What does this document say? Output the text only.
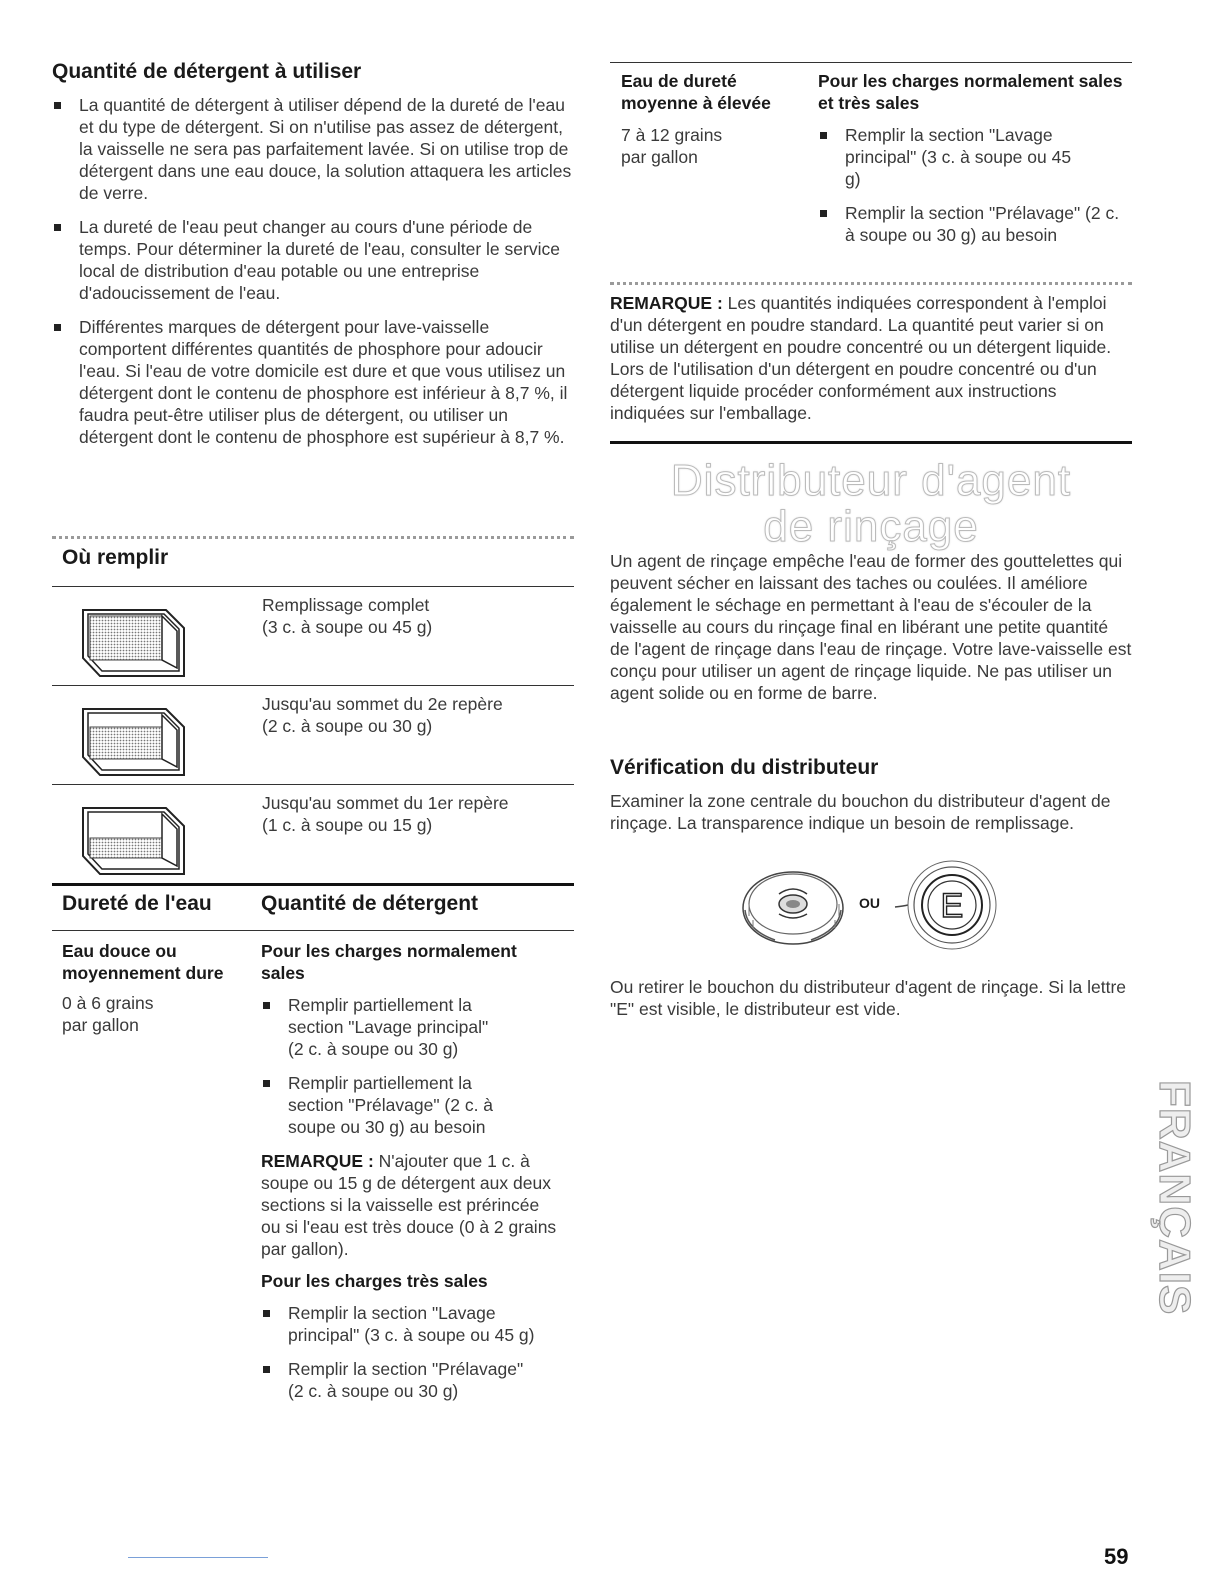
Quantité de détergent à utiliser
La quantité de détergent à utiliser dépend de la dureté de l'eau et du type de détergent. Si on n'utilise pas assez de détergent, la vaisselle ne sera pas parfaitement lavée. Si on utilise trop de détergent dans une eau douce, la solution attaquera les articles de verre.
La dureté de l'eau peut changer au cours d'une période de temps. Pour déterminer la dureté de l'eau, consulter le service local de distribution d'eau potable ou une entreprise d'adoucissement de l'eau.
Différentes marques de détergent pour lave-vaisselle comportent différentes quantités de phosphore pour adoucir l'eau. Si l'eau de votre domicile est dure et que vous utilisez un détergent dont le contenu de phosphore est inférieur à 8,7 %, il faudra peut-être utiliser plus de détergent, ou utiliser un détergent dont le contenu de phosphore est supérieur à 8,7 %.
Où remplir
Remplissage complet
(3 c. à soupe ou 45 g)
Jusqu'au sommet du 2e repère
(2 c. à soupe ou 30 g)
Jusqu'au sommet du 1er repère
(1 c. à soupe ou 15 g)
Dureté de l'eau Quantité de détergent
Eau douce ou moyennement dure
0 à 6 grains par gallon
Pour les charges normalement sales
Remplir partiellement la section "Lavage principal" (2 c. à soupe ou 30 g)
Remplir partiellement la section "Prélavage" (2 c. à soupe ou 30 g) au besoin
REMARQUE : N'ajouter que 1 c. à soupe ou 15 g de détergent aux deux sections si la vaisselle est prérincée ou si l'eau est très douce (0 à 2 grains par gallon).
Pour les charges très sales
Remplir la section "Lavage principal" (3 c. à soupe ou 45 g)
Remplir la section "Prélavage" (2 c. à soupe ou 30 g)
Eau de dureté moyenne à élevée
7 à 12 grains par gallon
Pour les charges normalement sales et très sales
Remplir la section "Lavage principal" (3 c. à soupe ou 45 g)
Remplir la section "Prélavage" (2 c. à soupe ou 30 g) au besoin
REMARQUE : Les quantités indiquées correspondent à l'emploi d'un détergent en poudre standard. La quantité peut varier si on utilise un détergent en poudre concentré ou un détergent liquide. Lors de l'utilisation d'un détergent en poudre concentré ou d'un détergent liquide procéder conformément aux instructions indiquées sur l'emballage.
Distributeur d'agent
de rinçage
Un agent de rinçage empêche l'eau de former des gouttelettes qui peuvent sécher en laissant des taches ou coulées. Il améliore également le séchage en permettant à l'eau de s'écouler de la vaisselle au cours du rinçage final en libérant une petite quantité de l'agent de rinçage dans l'eau de rinçage. Votre lave-vaisselle est conçu pour utiliser un agent de rinçage liquide. Ne pas utiliser un agent solide ou en forme de barre.
Vérification du distributeur
Examiner la zone centrale du bouchon du distributeur d'agent de rinçage. La transparence indique un besoin de remplissage.
OU E
Ou retirer le bouchon du distributeur d'agent de rinçage. Si la lettre "E" est visible, le distributeur est vide.
FRANÇAIS
59
